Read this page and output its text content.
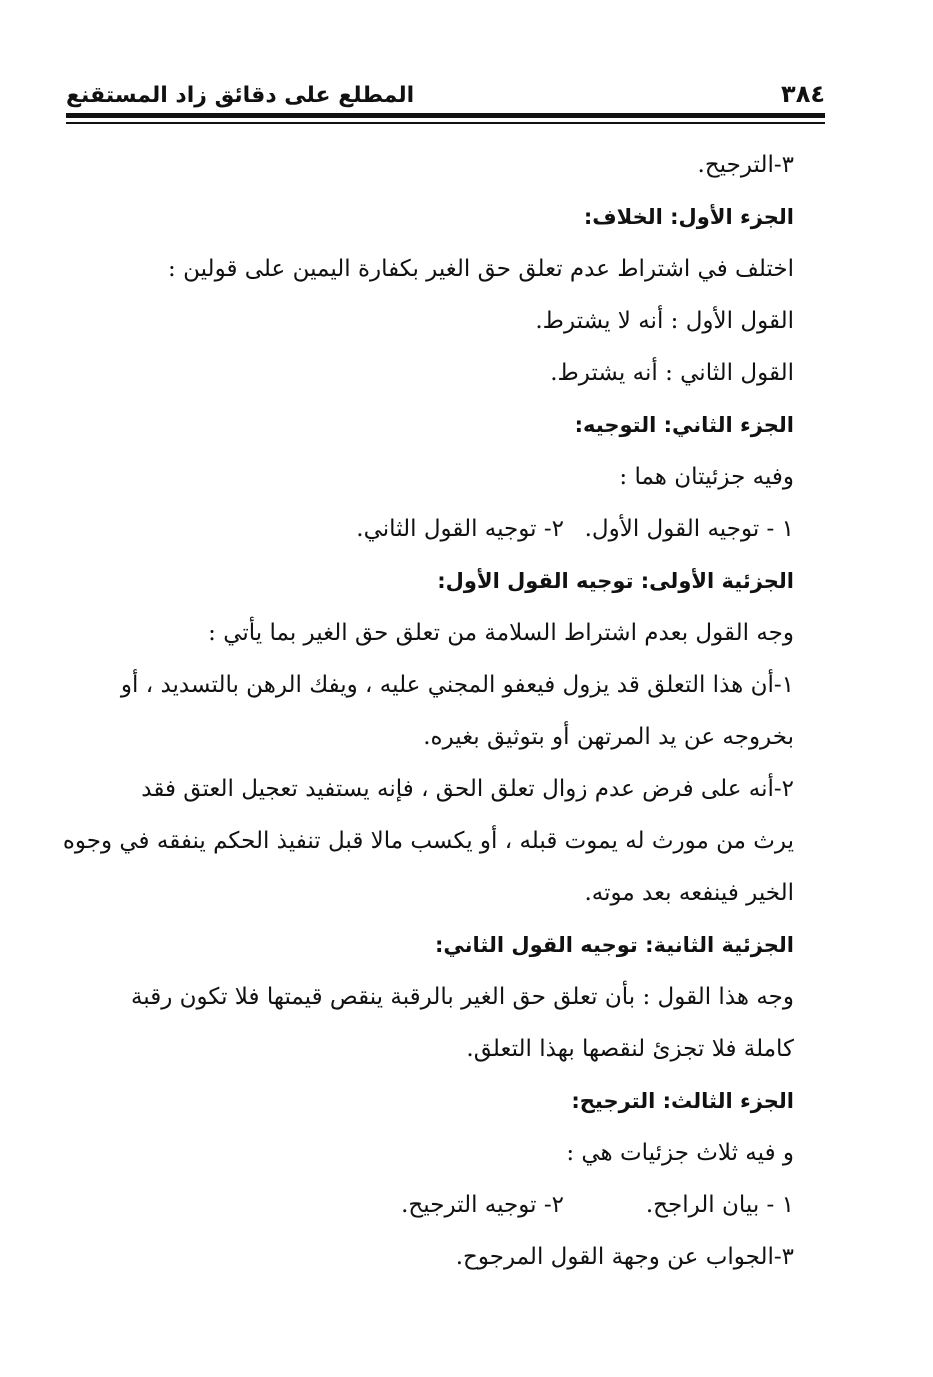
٣٨٤
المطلع على دقائق زاد المستقنع
٣-الترجيح.
الجزء الأول: الخلاف:
اختلف في اشتراط عدم تعلق حق الغير بكفارة اليمين على قولين :
القول الأول : أنه لا يشترط.
القول الثاني : أنه يشترط.
الجزء الثاني: التوجيه:
وفيه جزئيتان هما :
١ - توجيه القول الأول.
٢- توجيه القول الثاني.
الجزئية الأولى: توجيه القول الأول:
وجه القول بعدم اشتراط السلامة من تعلق حق الغير بما يأتي :
١-أن هذا التعلق قد يزول فيعفو المجني عليه ، ويفك الرهن بالتسديد ، أو
بخروجه عن يد المرتهن أو بتوثيق بغيره.
٢-أنه على فرض عدم زوال تعلق الحق ، فإنه يستفيد تعجيل العتق فقد
يرث من مورث له يموت قبله ، أو يكسب مالا قبل تنفيذ الحكم ينفقه في وجوه
الخير فينفعه بعد موته.
الجزئية الثانية: توجيه القول الثاني:
وجه هذا القول : بأن تعلق حق الغير بالرقبة ينقص قيمتها فلا تكون رقبة
كاملة فلا تجزئ لنقصها بهذا التعلق.
الجزء الثالث: الترجيح:
و فيه ثلاث جزئيات هي :
١ - بيان الراجح.
٢- توجيه الترجيح.
٣-الجواب عن وجهة القول المرجوح.
